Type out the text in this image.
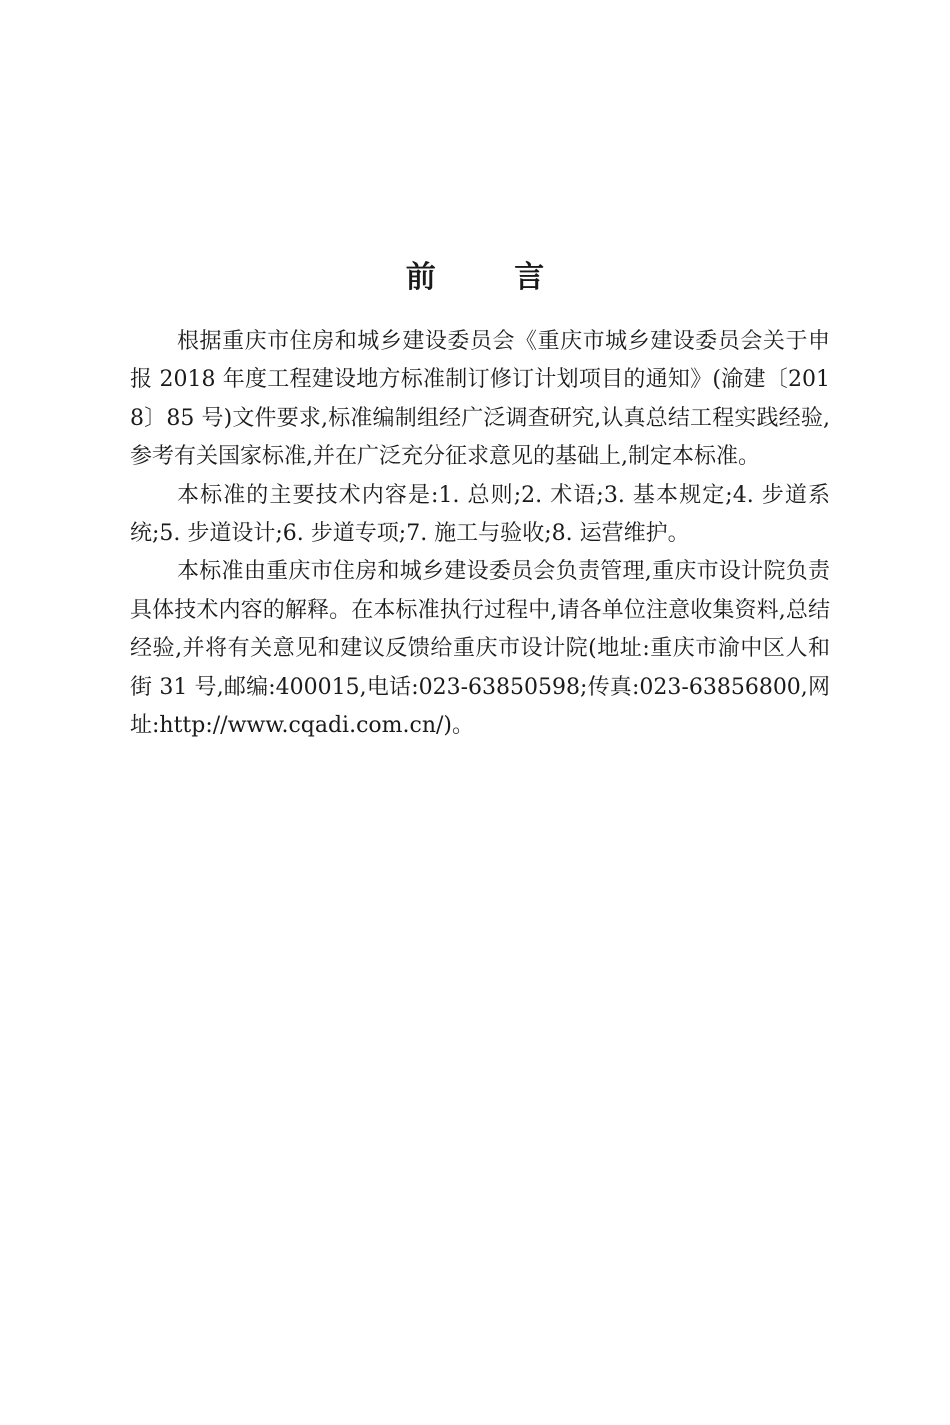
前 言

根据重庆市住房和城乡建设委员会《重庆市城乡建设委员会关于申报 2018 年度工程建设地方标准制订修订计划项目的通知》(渝建〔2018〕85 号)文件要求,标准编制组经广泛调查研究,认真总结工程实践经验,参考有关国家标准,并在广泛充分征求意见的基础上,制定本标准。

本标准的主要技术内容是:1. 总则;2. 术语;3. 基本规定;4. 步道系统;5. 步道设计;6. 步道专项;7. 施工与验收;8. 运营维护。

本标准由重庆市住房和城乡建设委员会负责管理,重庆市设计院负责具体技术内容的解释。在本标准执行过程中,请各单位注意收集资料,总结经验,并将有关意见和建议反馈给重庆市设计院(地址:重庆市渝中区人和街 31 号,邮编:400015,电话:023-63850598;传真:023-63856800,网址:http://www.cqadi.com.cn/)。
